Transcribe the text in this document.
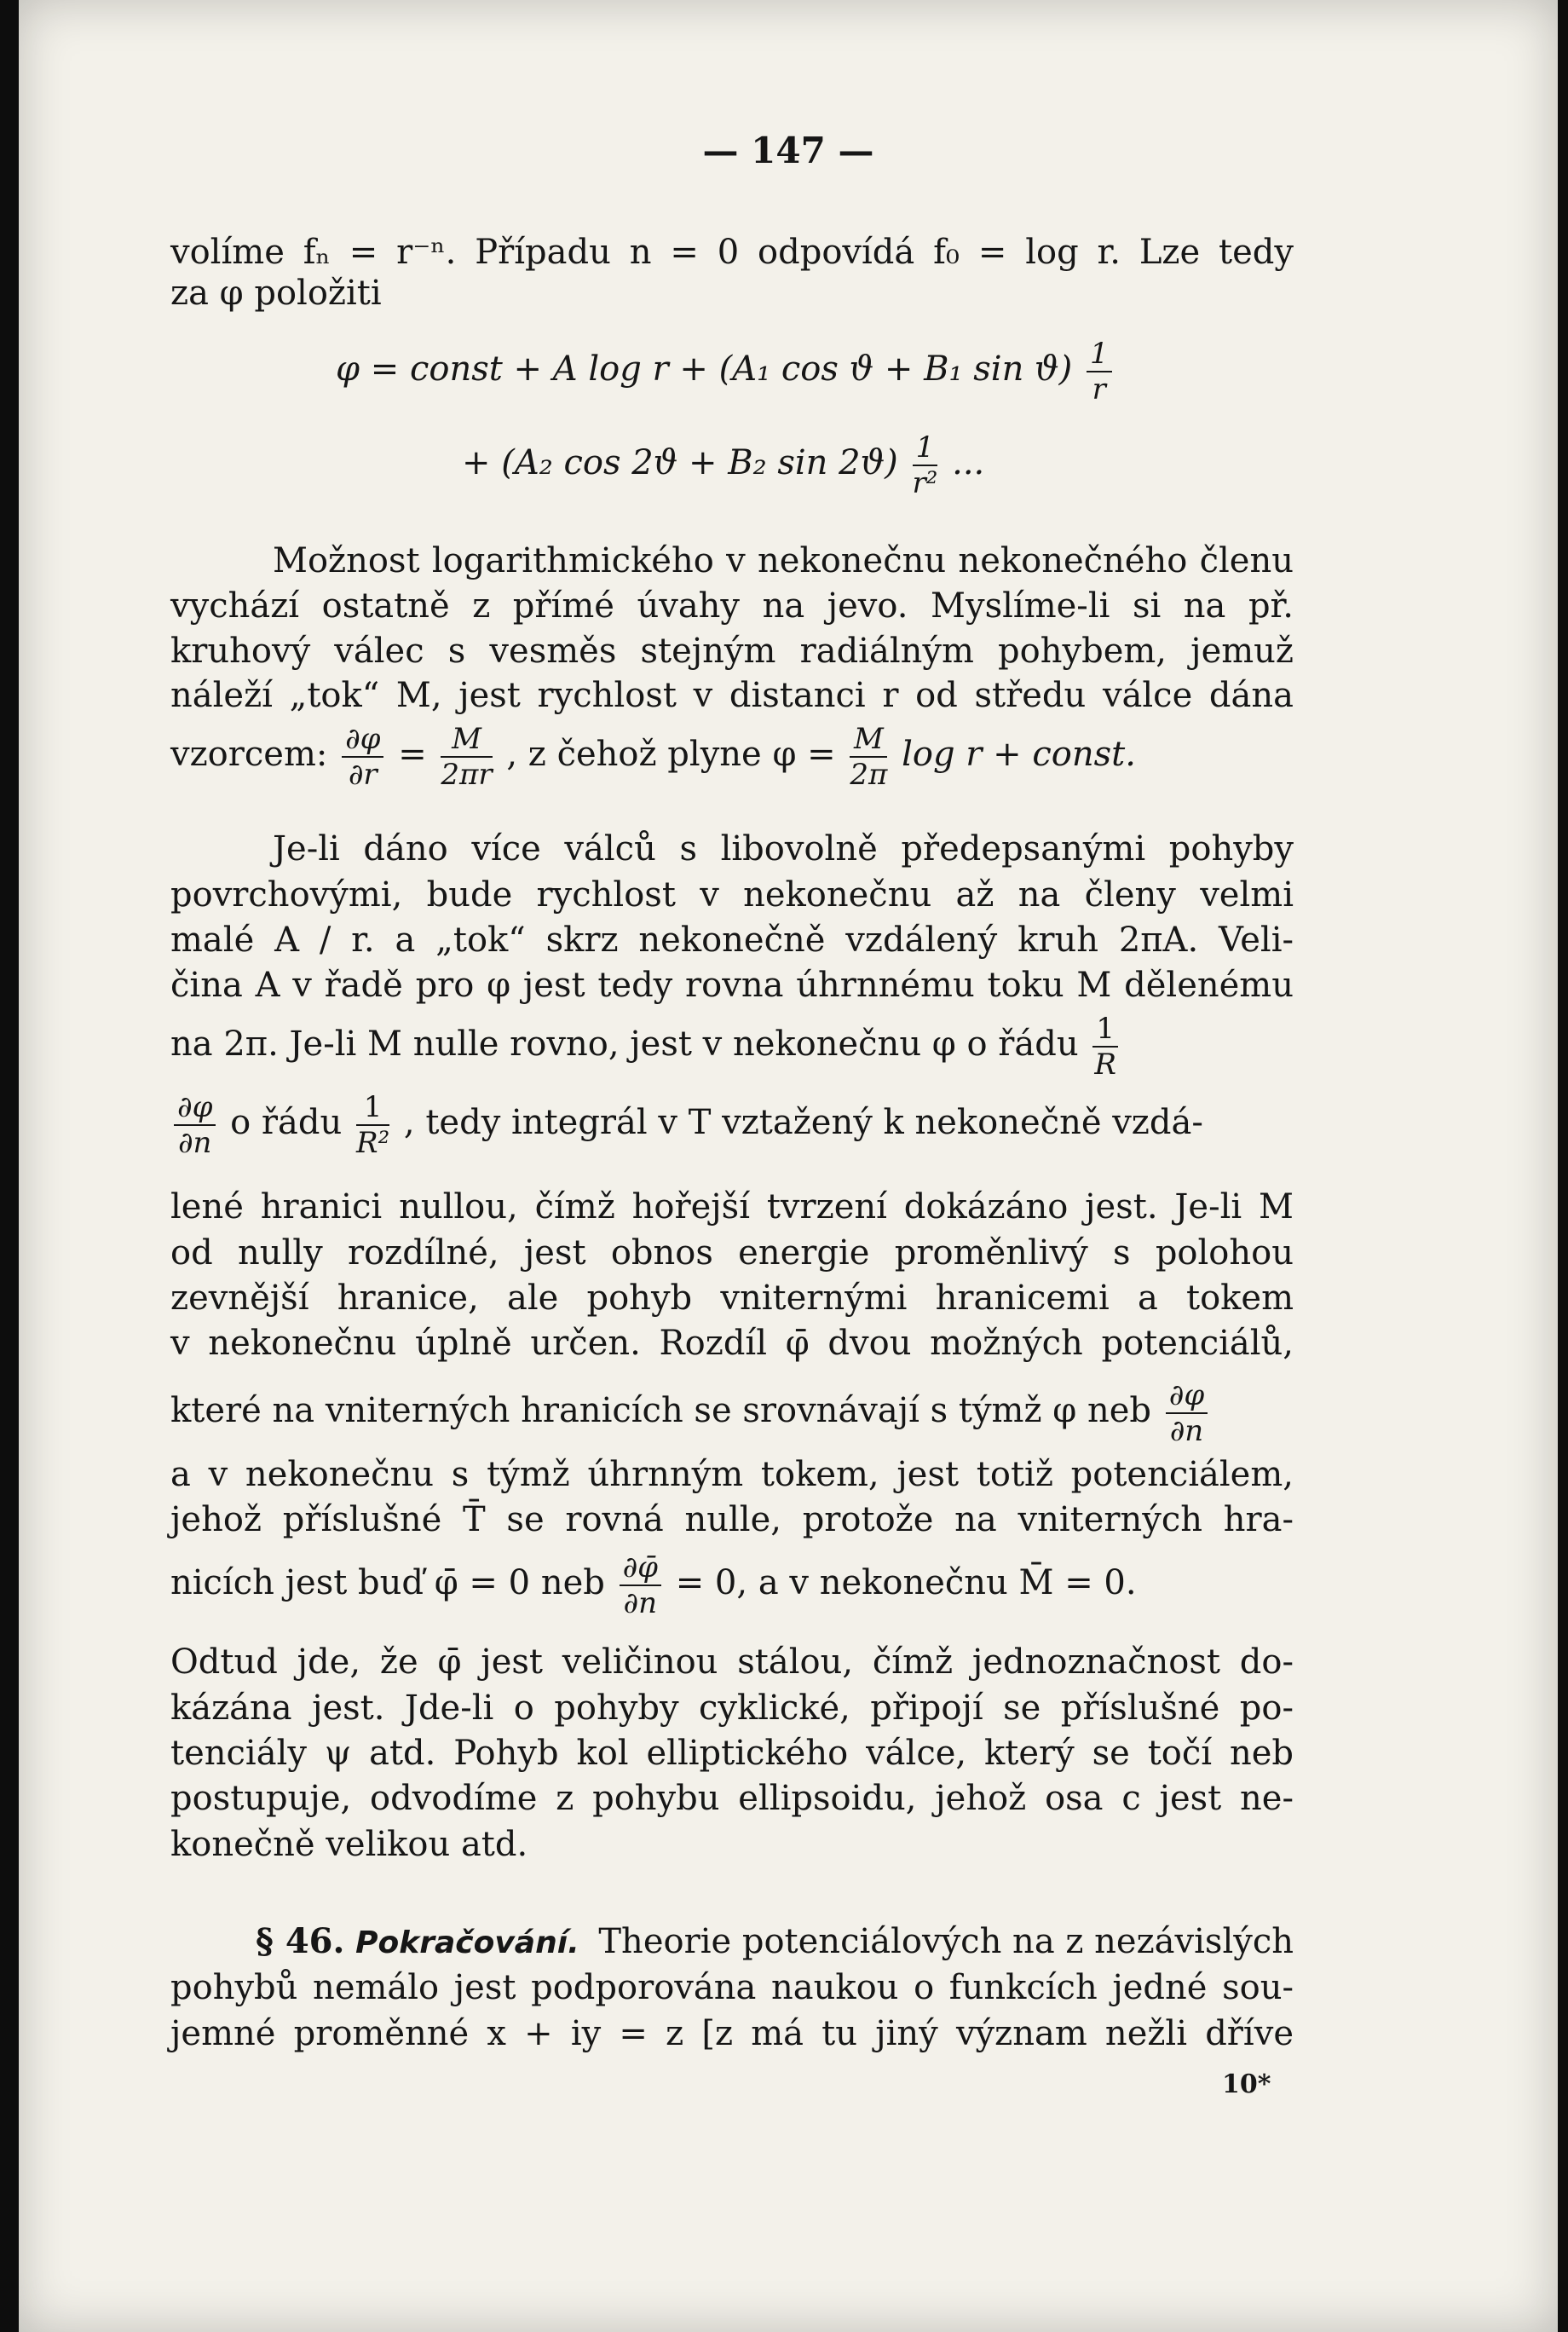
— 147 —
volíme fₙ = r⁻ⁿ. Případu n = 0 odpovídá f₀ = log r. Lze tedy
za φ položiti
φ = const + A log r + (A₁ cos ϑ + B₁ $\sin ϑ) \frac{1}{r}$
+ (A₂ cos 2ϑ + B₂ $\sin 2ϑ) \frac{1}{\text{r²}}$ ...
Možnost logarithmického v nekonečnu nekonečného členu
vychází ostatně z přímé úvahy na jevo. Myslíme-li si na př.
kruhový válec s vesměs stejným radiálným pohybem, jemuž
náleží „tok“ M, jest rychlost v distanci r od středu válce dána
vzorcem: $\frac{\partial\varphi}{\partial r} = \frac{M}{2\pi r}$ , z čehož plyne $\varphi = \frac{M}{2\pi}$ log r + const.
Je-li dáno více válců s libovolně předepsanými pohyby
povrchovými, bude rychlost v nekonečnu až na členy velmi
malé A / r. a „tok“ skrz nekonečně vzdálený kruh 2πA. Veli-
čina A v řadě pro φ jest tedy rovna úhrnnému toku M dělenému
na 2π. Je-li M nulle rovno, jest v nekonečnu φ o řádu $\frac{1}{R}$
$\frac{\partial\varphi}{\partial n}$ o řádu $\frac{1}{\text{R²}}$ , tedy integrál v T vztažený k nekonečně vzdá-
lené hranici nullou, čímž hořejší tvrzení dokázáno jest. Je-li M
od nully rozdílné, jest obnos energie proměnlivý s polohou
zevnější hranice, ale pohyb vniternými hranicemi a tokem
v nekonečnu úplně určen. Rozdíl φ̄ dvou možných potenciálů,
které na vniterných hranicích se srovnávají s týmž φ neb $\frac{\partial\varphi}{\partial n}$
a v nekonečnu s týmž úhrnným tokem, jest totiž potenciálem,
jehož příslušné T̄ se rovná nulle, protože na vniterných hra-
nicích jest buď φ̄ = 0 neb $\frac{\partial\varphī}{\partial n} = 0$, a v nekonečnu M̄ = 0.
Odtud jde, že φ̄ jest veličinou stálou, čímž jednoznačnost do-
kázána jest. Jde-li o pohyby cyklické, připojí se příslušné po-
tenciály ψ atd. Pohyb kol elliptického válce, který se točí neb
postupuje, odvodíme z pohybu ellipsoidu, jehož osa c jest ne-
konečně velikou atd.
§ 46. Pokračování. Theorie potenciálových na z nezávislých
pohybů nemálo jest podporována naukou o funkcích jedné sou-
jemné proměnné x + iy = z [z má tu jiný význam nežli dříve
10*
